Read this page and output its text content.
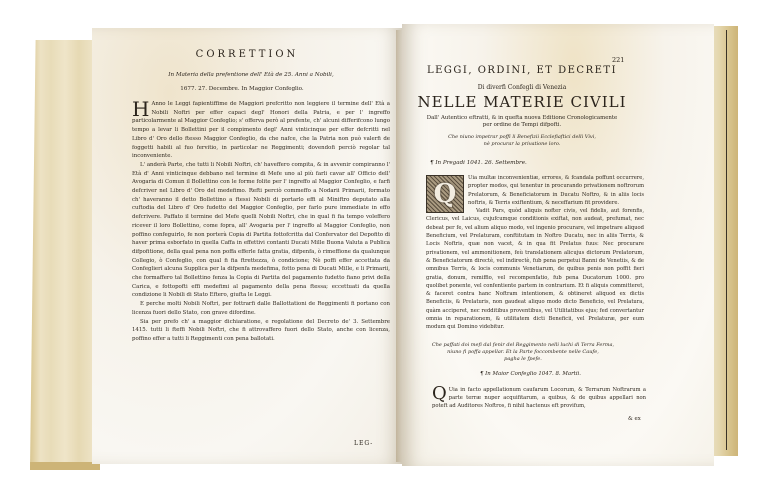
CORRETTION
In Materia della prefentione dell' Età de 25. Anni a Nobili,
1677. 27. Decembre. In Maggior Confeglio.

H Anno le Leggi fapientiffime de Maggiori prefcritto non leggiere il termine dell' Età a Nobili Noftri per effer capaci degl' Honori della Patria, e per l' ingreffo particolarmente al Maggior Confeglio; s' offerva però al prefente, ch' alcuni differifcono lungo tempo a levar li Bollettini per il compimento degl' Anni vinticinque per effer defcritti nel Libro d' Oro dello ftesso Maggior Confeglio, da che nafce, che la Patria non può valerfi de foggetti habili al fuo fervitio, in particolar ne Reggimenti; dovendofi perciò regolar tal inconveniente.

L' anderà Parte, che tutti li Nobili Noftri, ch' haveffero compita, & in avvenir compiranno l' Età d' Anni vinticinque debbano nel termine di Mefe uno al più farli cavar all' Officio dell' Avogaria di Comun il Bollettino con le forme folite per l' ingreffo al Maggior Confeglio, e farfi defcriver nel Libro d' Oro del medefimo. Refti perciò commeffo a Nodarii Primarii, formato ch' haveranno il detto Bollettino a ftessi Nobili di portarlo effi al Miniftro deputato alla cuftodia del Libro d' Oro fudetto del Maggior Confeglio, per farlo pure immediate in effo defcrivere. Paffato il termine del Mefe quelli Nobili Noftri, che in qual fi fia tempo voleffero ricever il loro Bollettino, come fopra, all' Avogaria per l' ingreffo al Maggior Confeglio, non poffino confeguirlo, fe non porterà Copia di Partita fottofcritta dal Confervator del Depofito di haver prima esborfato in quella Caffa in effettivi contanti Ducati Mille Buona Valuta a Publica difpofitione, della qual pena non poffa efferle fatta gratia, difpenfa, ò rimeffione da qualunque Collegio, ò Confeglio, con qual fi fia ftrettezza, ò condicione; Nè poffi effer accettata da Confeglieri alcuna Supplica per la difpenfa medefima, fotto pena di Ducati Mille, e li Primarii, che formaffero tal Bollettino fenza la Copia di Partita del pagamento fudetto fiano privi della Carica, e fottopofti effi medefimi al pagamento della pena ftessa; eccettuati da quella condizione li Nobili di Stato Eftero, giufta le Leggi.

E perche molti Nobili Noftri, per fottrarfi dalle Ballottationi de Reggimenti fi portano con licenza fuori dello Stato, con grave difordine.

Sia per prefo ch' a maggior dichiaratione, e regolatione del Decreto de' 3. Settembre 1415. tutti li fteffi Nobili Noftri, che fi attrovaffero fuori dello Stato, anche con licenza, poffino effer a tutti li Reggimenti con pena ballotati.

LEG-
221
LEGGI, ORDINI, ET DECRETI
Di diverfi Confegli di Venezia
NELLE MATERIE CIVILI
Dall' Autentico eftratti, & in quefta nuova Editione Cronologicamente
per ordine de Tempi difpofti.
Che niuno impetrar poffi li Benefizii Ecclefiaftici delli Vivi,
nè procurar la privatione loro.
¶ In Pregadi 1041. 26. Settembre.

Q
Uia multæ inconvenientiæ, errores, & fcandala poffunt occurrere, propter modos, qui tenentur in procurando privationem noftrorum Prelatorum, & Beneficiatorum in Ducatu Noftro, & in aliis locis noftris, & Terris exiftentium, & neceffarium fit providere.

Vadit Pars, quòd aliquis nofter civis, vel fidelis, aut forenfis, Clericus, vel Laicus, cujufcumque conditionis exiftat, non audeat, prefumat, nec debeat per fe, vel alium aliquo modo, vel ingenio procurare, vel impetrare aliquod Beneficium, vel Prelaturam, conftitutam in Noftro Ducatu, nec in aliis Terris, & Locis Noftris, quæ non vacet, & in qua fit Prelatus fuus: Nec procurare privationem, vel ammonitionem, feù translationem alicujus dictorum Prelatorum, & Beneficiatorum directè, vel indirectè, fub pena perpetui Banni de Venetiis, & de omnibus Terris, & locis communis Venetiarum, de quibus penis non poffit fieri gratia, donum, remiffio, vel recompenfatio, fub pena Ducatorum 1000. pro quolibet ponente, vel confentiente partem in contrarium. Et fi aliquis committeret, & faceret contra hanc Noftram intentionem, & obtineret aliquod ex dictis Beneficiis, & Prelaturis, non gaudeat aliquo modo dicto Beneficio, vel Prelatura, quàm acciperet, nec redditibus proventibus, vel Utilitatibus ejus; fed convertantur omnia in reparationem, & utilitatem dicti Beneficii, vel Prelaturæ, per eum modum qui Domino videbitur.

Che paffati doi mefi dal fenir del Reggimento nelli luchi di Terra Ferma,
niuno fi poffa appellar. Et la Parte foccombente nelle Caufe,
pagha le fpefe.
¶ In Maior Confeglio 1047. 8. Martii.

Q Uia in facto appellationum caufarum Locorum, & Terrarum Noftrarum a parte terræ nuper acquifitarum, a quibus, & de quibus appellari non poteft ad Auditores Noftros, fi nihil hactenus eft provifum,

& ex
